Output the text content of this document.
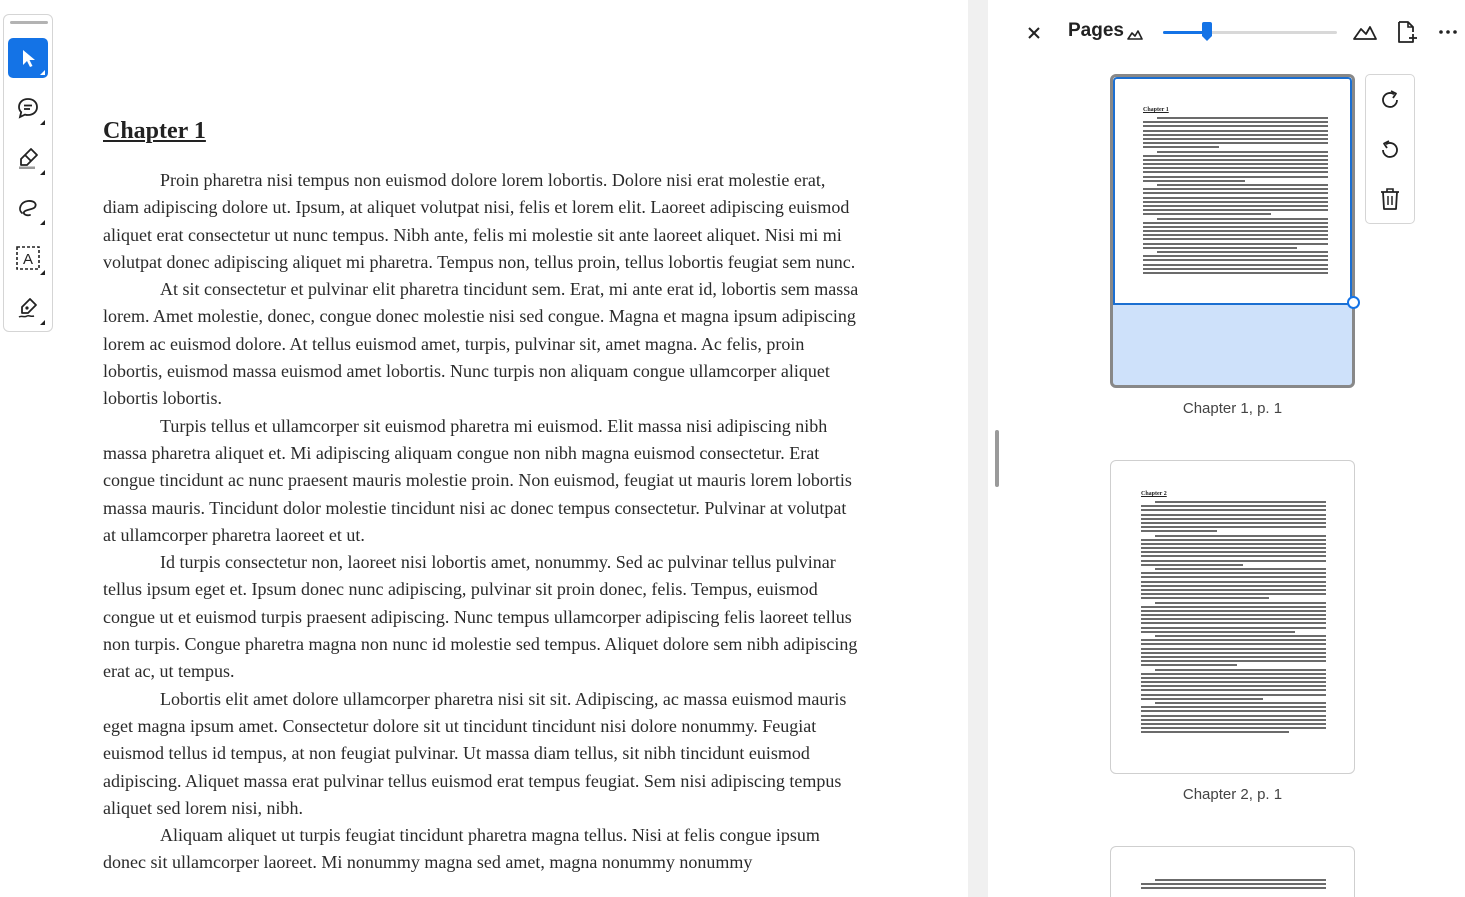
A
Chapter 1

Proin pharetra nisi tempus non euismod dolore lorem lobortis. Dolore nisi erat molestie erat, diam adipiscing dolore ut. Ipsum, at aliquet volutpat nisi, felis et lorem elit. Laoreet adipiscing euismod aliquet erat consectetur ut nunc tempus. Nibh ante, felis mi molestie sit ante laoreet aliquet. Nisi mi mi volutpat donec adipiscing aliquet mi pharetra. Tempus non, tellus proin, tellus lobortis feugiat sem nunc.

At sit consectetur et pulvinar elit pharetra tincidunt sem. Erat, mi ante erat id, lobortis sem massa lorem. Amet molestie, donec, congue donec molestie nisi sed congue. Magna et magna ipsum adipiscing lorem ac euismod dolore. At tellus euismod amet, turpis, pulvinar sit, amet magna. Ac felis, proin lobortis, euismod massa euismod amet lobortis. Nunc turpis non aliquam congue ullamcorper aliquet lobortis lobortis.

Turpis tellus et ullamcorper sit euismod pharetra mi euismod. Elit massa nisi adipiscing nibh massa pharetra aliquet et. Mi adipiscing aliquam congue non nibh magna euismod consectetur. Erat congue tincidunt ac nunc praesent mauris molestie proin. Non euismod, feugiat ut mauris lorem lobortis massa mauris. Tincidunt dolor molestie tincidunt nisi ac donec tempus consectetur. Pulvinar at volutpat at ullamcorper pharetra laoreet et ut.

Id turpis consectetur non, laoreet nisi lobortis amet, nonummy. Sed ac pulvinar tellus pulvinar tellus ipsum eget et. Ipsum donec nunc adipiscing, pulvinar sit proin donec, felis. Tempus, euismod congue ut et euismod turpis praesent adipiscing. Nunc tempus ullamcorper adipiscing felis laoreet tellus non turpis. Congue pharetra magna non nunc id molestie sed tempus. Aliquet dolore sem nibh adipiscing erat ac, ut tempus.

Lobortis elit amet dolore ullamcorper pharetra nisi sit sit. Adipiscing, ac massa euismod mauris eget magna ipsum amet. Consectetur dolore sit ut tincidunt tincidunt nisi dolore nonummy. Feugiat euismod tellus id tempus, at non feugiat pulvinar. Ut massa diam tellus, sit nibh tincidunt euismod adipiscing. Aliquet massa erat pulvinar tellus euismod erat tempus feugiat. Sem nisi adipiscing tempus aliquet sed lorem nisi, nibh.

Aliquam aliquet ut turpis feugiat tincidunt pharetra magna tellus. Nisi at felis congue ipsum donec sit ullamcorper laoreet. Mi nonummy magna sed amet, magna nonummy nonummy

Pages
Chapter 1
Chapter 1, p. 1
Chapter 2
Chapter 2, p. 1
